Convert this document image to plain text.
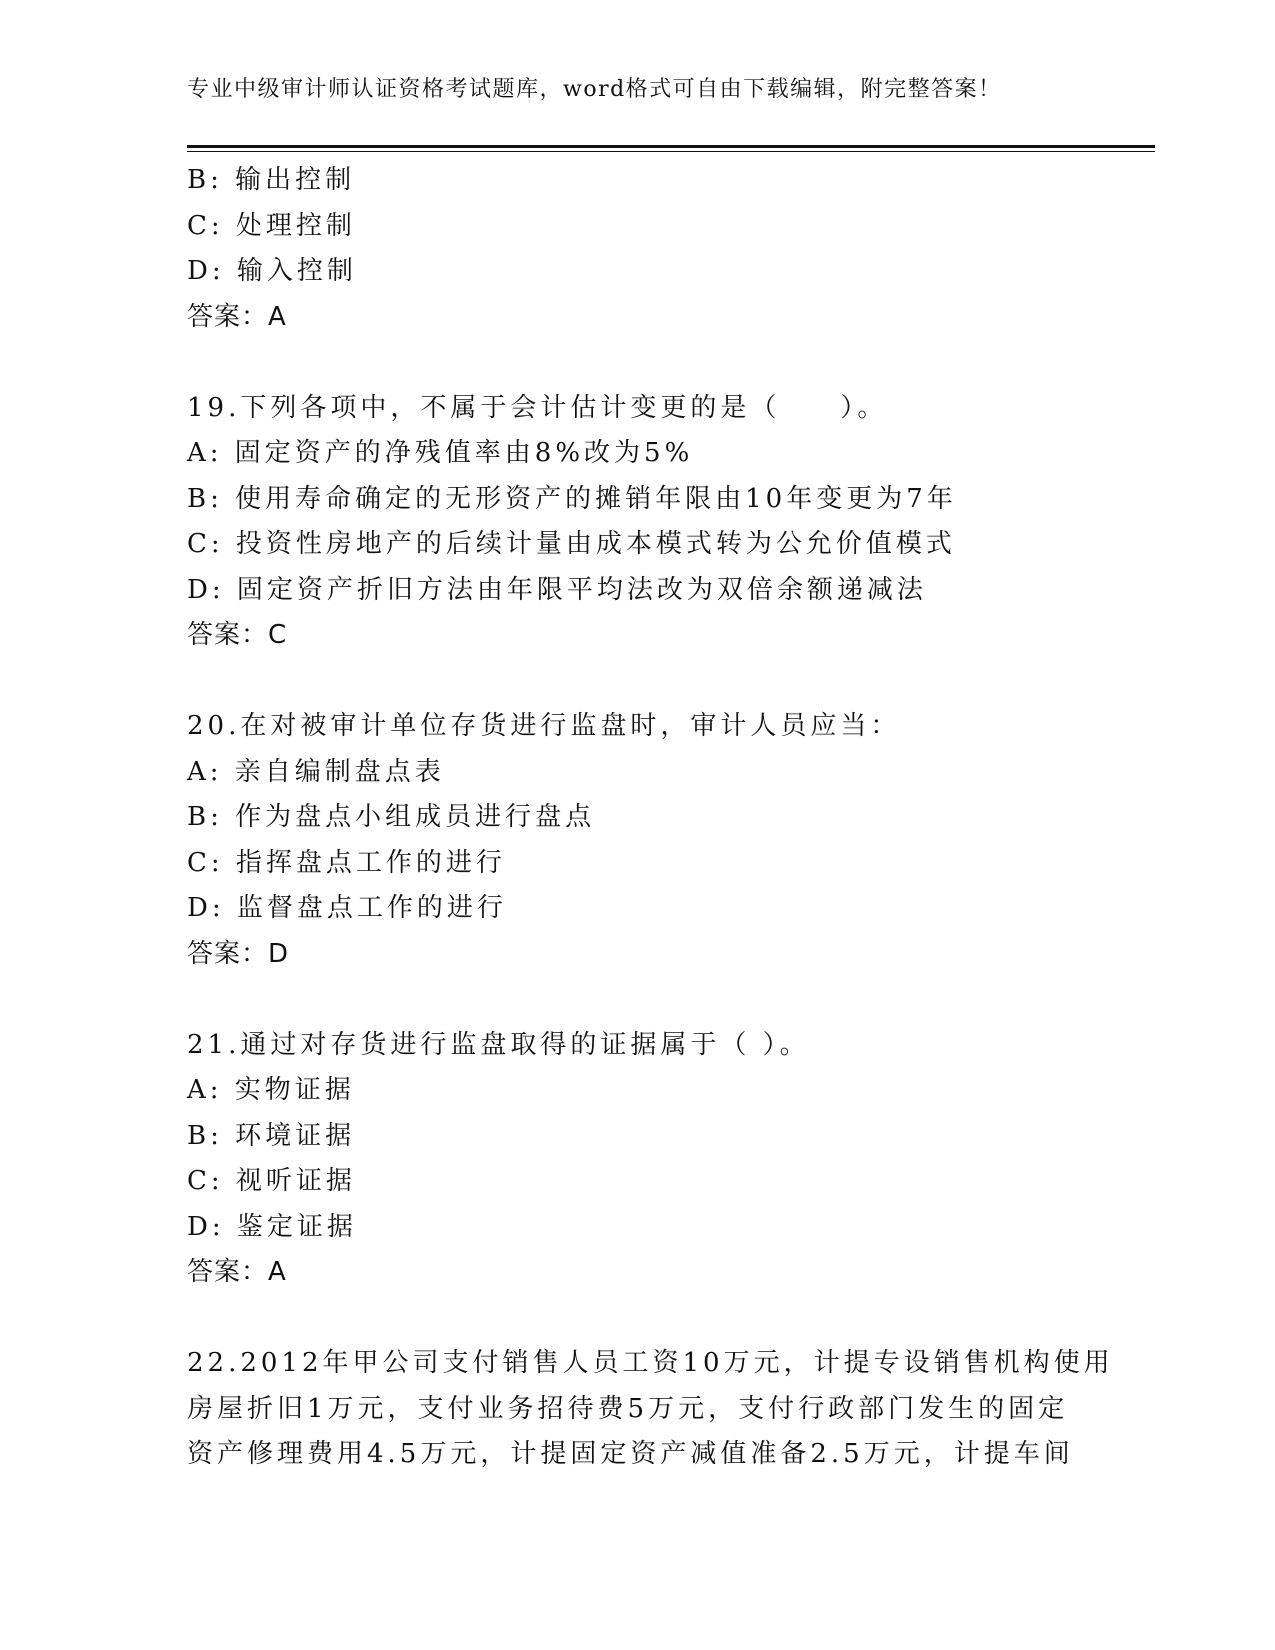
专业中级审计师认证资格考试题库，word格式可自由下载编辑，附完整答案！
B: 输出控制
C: 处理控制
D: 输入控制
答案：A
19.下列各项中，不属于会计估计变更的是（　　）。
A: 固定资产的净残值率由8%改为5%
B: 使用寿命确定的无形资产的摊销年限由10年变更为7年
C: 投资性房地产的后续计量由成本模式转为公允价值模式
D: 固定资产折旧方法由年限平均法改为双倍余额递减法
答案：C
20.在对被审计单位存货进行监盘时，审计人员应当：
A: 亲自编制盘点表
B: 作为盘点小组成员进行盘点
C: 指挥盘点工作的进行
D: 监督盘点工作的进行
答案：D
21.通过对存货进行监盘取得的证据属于（ ）。
A: 实物证据
B: 环境证据
C: 视听证据
D: 鉴定证据
答案：A
22.2012年甲公司支付销售人员工资10万元，计提专设销售机构使用
房屋折旧1万元，支付业务招待费5万元，支付行政部门发生的固定
资产修理费用4.5万元，计提固定资产减值准备2.5万元，计提车间
